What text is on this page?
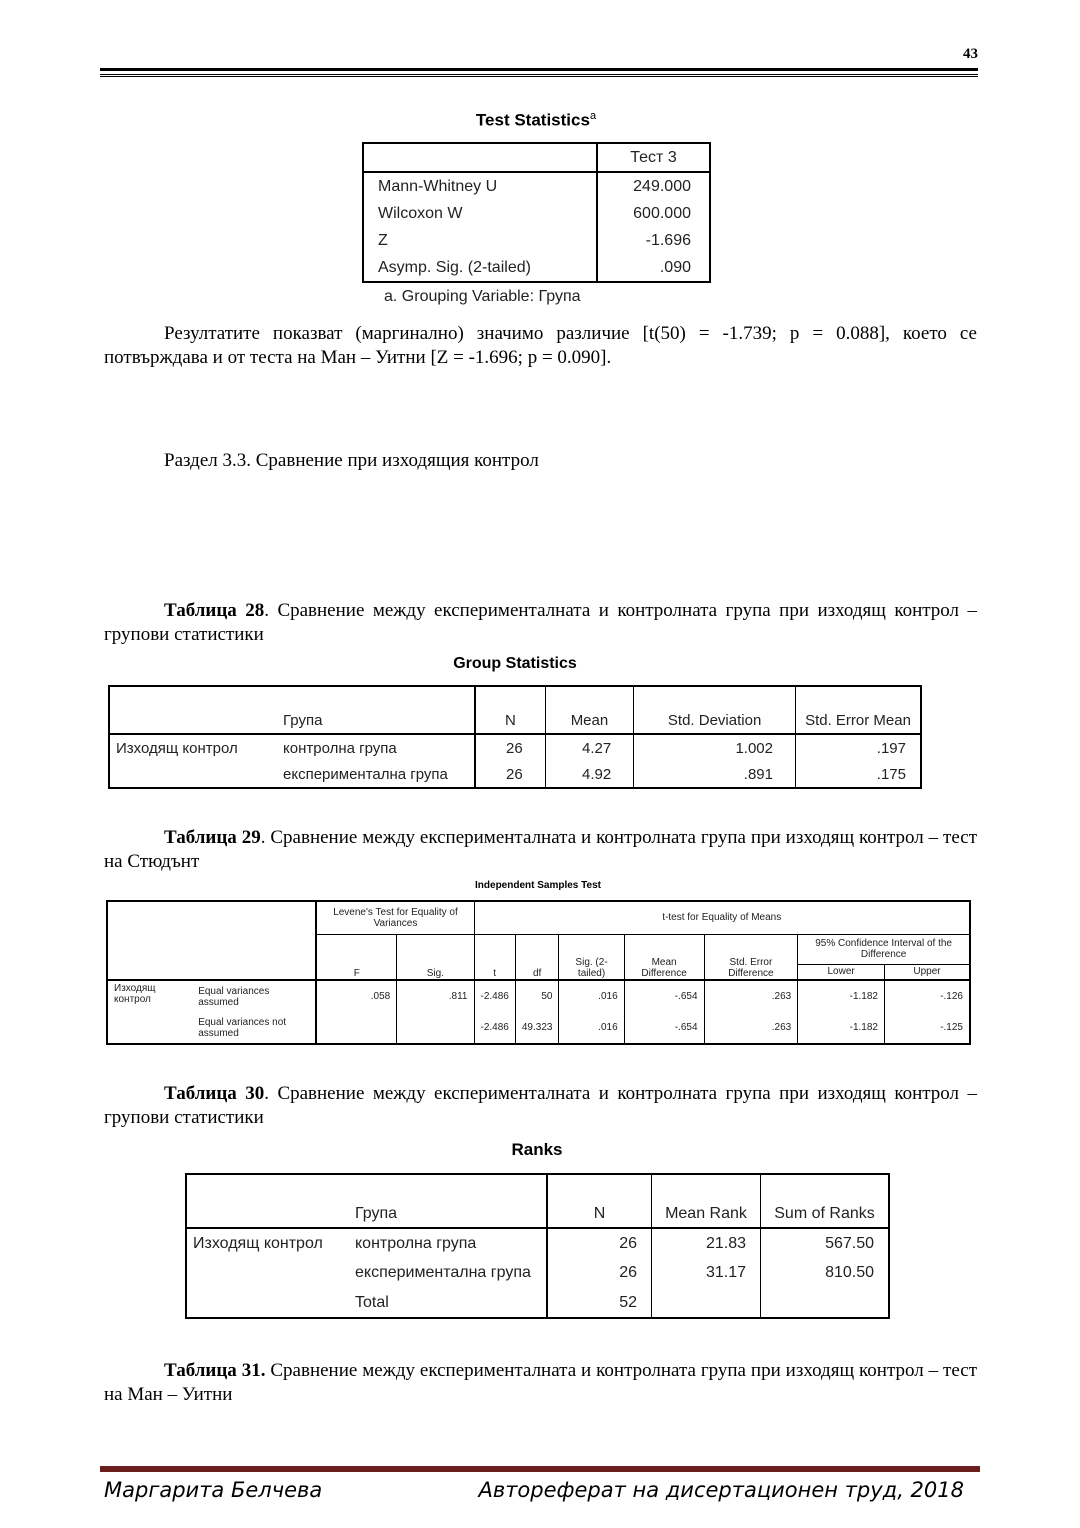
43
Test Statistics$^a$
	Тест 3
Mann-Whitney U	249.000
Wilcoxon W	600.000
Z	-1.696
Asymp. Sig. (2-tailed)	.090
a. Grouping Variable: Група
Резултатите показват (маргинално) значимо различие [t(50) = -1.739; p = 0.088], което се потвърждава и от теста на Ман – Уитни [Z = -1.696; p = 0.090].
Раздел 3.3. Сравнение при изходящия контрол
Таблица 28. Сравнение между експерименталната и контролната група при изходящ контрол – групови статистики
Group Statistics
	Група	N	Mean	Std. Deviation	Std. Error Mean
Изходящ контрол	контролна група	26	4.27	1.002	.197
	експериментална група	26	4.92	.891	.175
Таблица 29. Сравнение между експерименталната и контролната група при изходящ контрол – тест на Стюдънт
Independent Samples Test
		Levene's Test for Equality of Variances		t-test for Equality of Means						
		F	Sig.	t	df	Sig. (2-tailed)	Mean Difference	Std. Error Difference	95% Confidence Interval of the Difference	
									Lower	Upper
Изходящ контрол	Equal variances assumed	.058	.811	-2.486	50	.016	-.654	.263	-1.182	-.126
	Equal variances not assumed			-2.486	49.323	.016	-.654	.263	-1.182	-.125
Таблица 30. Сравнение между експерименталната и контролната група при изходящ контрол – групови статистики
Ranks
	Група	N	Mean Rank	Sum of Ranks
Изходящ контрол	контролна група	26	21.83	567.50
	експериментална група	26	31.17	810.50
	Total	52		
Таблица 31. Сравнение между експерименталната и контролната група при изходящ контрол – тест на Ман – Уитни
Маргарита Белчева	Автореферат на дисертационен труд, 2018
